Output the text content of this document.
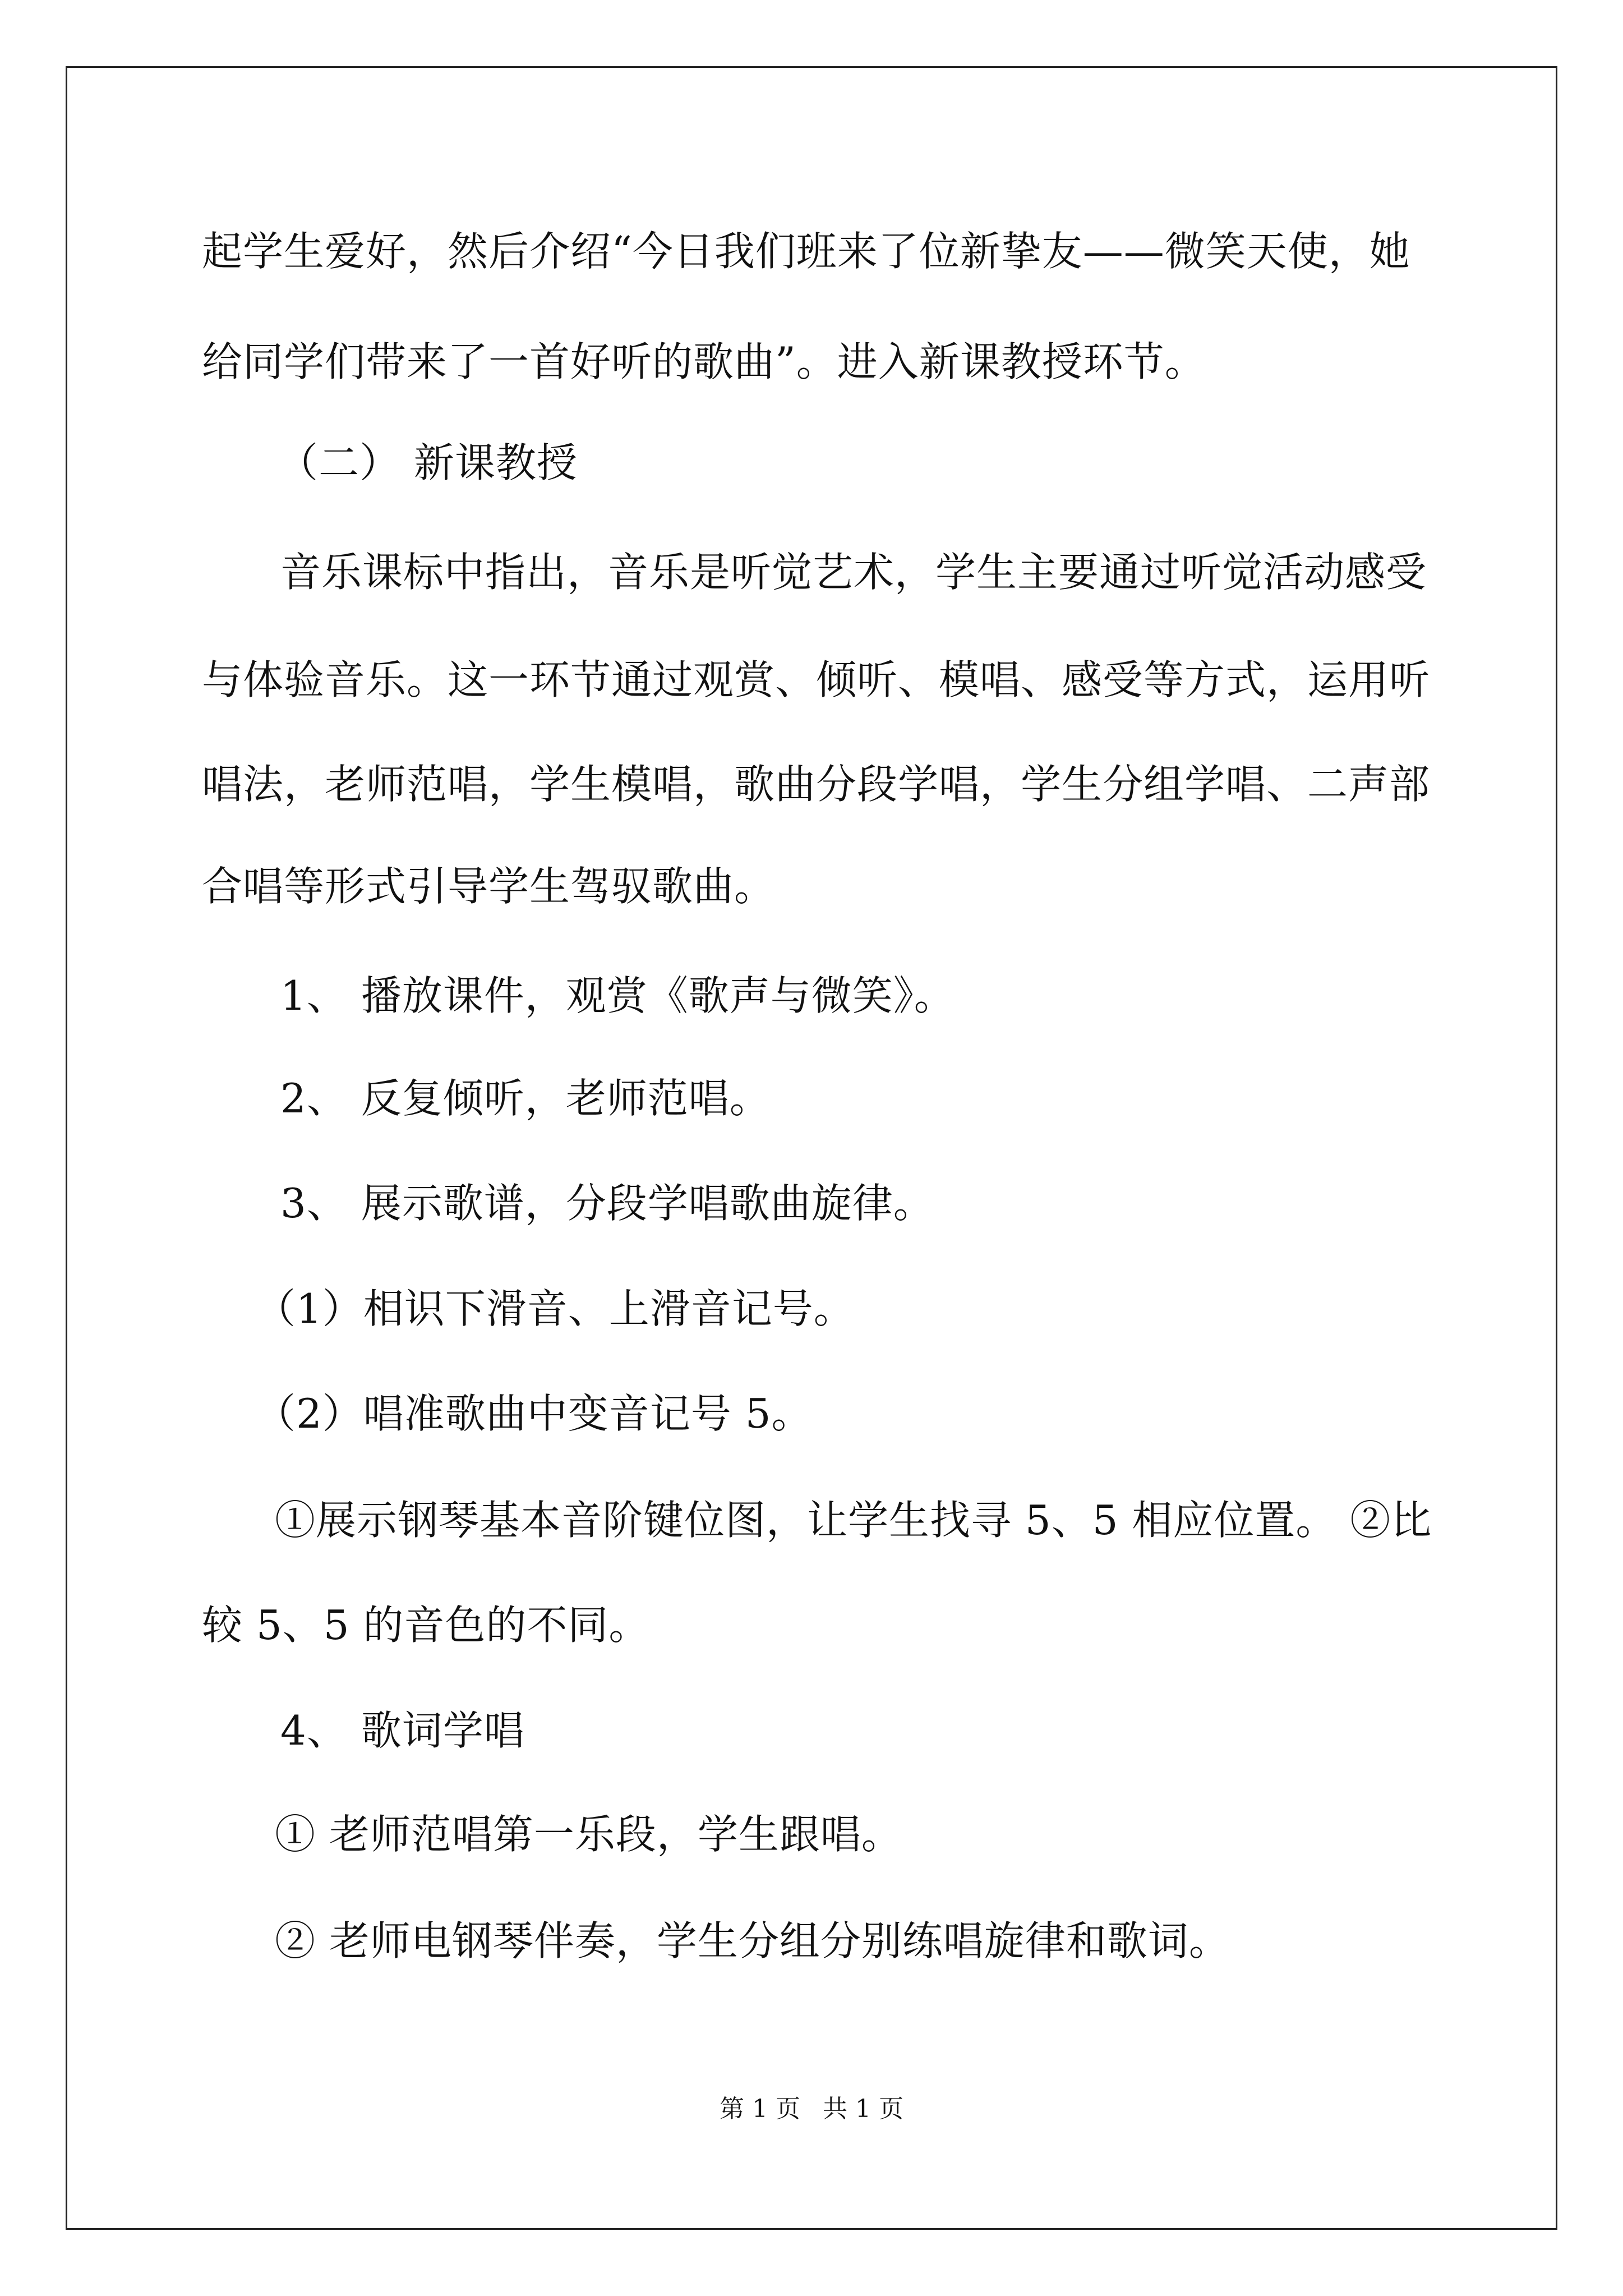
起学生爱好，然后介绍“今日我们班来了位新挚友——微笑天使，她
给同学们带来了一首好听的歌曲”。进入新课教授环节。
（二） 新课教授
音乐课标中指出，音乐是听觉艺术，学生主要通过听觉活动感受
与体验音乐。这一环节通过观赏、倾听、模唱、感受等方式，运用听
唱法，老师范唱，学生模唱，歌曲分段学唱，学生分组学唱、二声部
合唱等形式引导学生驾驭歌曲。
1、 播放课件，观赏《歌声与微笑》。
2、 反复倾听，老师范唱。
3、 展示歌谱，分段学唱歌曲旋律。
（1）相识下滑音、上滑音记号。
（2）唱准歌曲中变音记号 5。
①展示钢琴基本音阶键位图，让学生找寻 5、5 相应位置。 ②比
较 5、5 的音色的不同。
4、 歌词学唱
① 老师范唱第一乐段，学生跟唱。
② 老师电钢琴伴奏，学生分组分别练唱旋律和歌词。
第 1 页 共 1 页
